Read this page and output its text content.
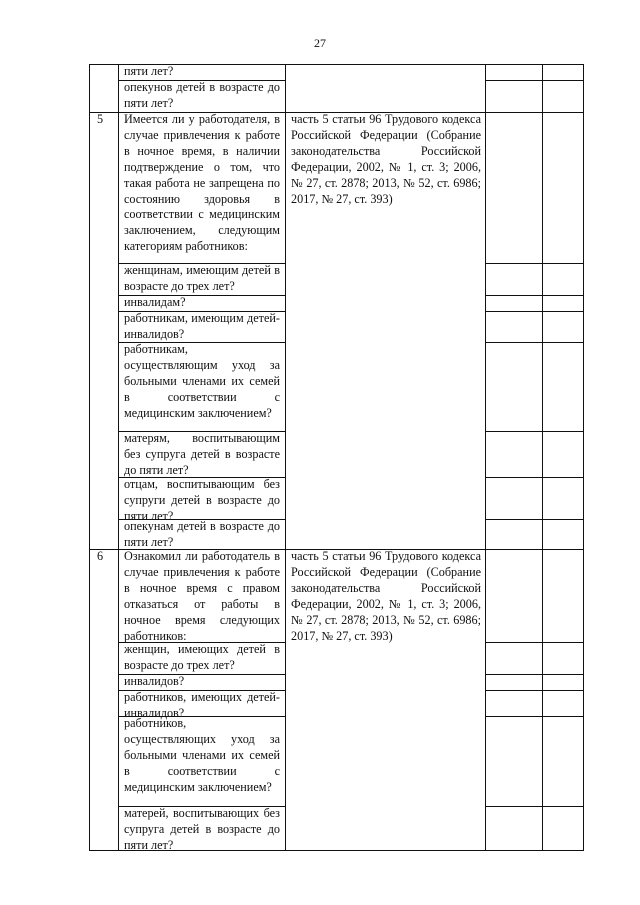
27
пяти лет?
опекунов детей в возрасте до пяти лет?
5 Имеется ли у работодателя, в случае привлечения к работе в ночное время, в наличии подтверждение о том, что такая работа не запрещена по состоянию здоровья в соответствии с медицинским заключением, следующим категориям работников:
часть 5 статьи 96 Трудового кодекса Российской Федерации (Собрание законодательства Российской Федерации, 2002, № 1, ст. 3; 2006, № 27, ст. 2878; 2013, № 52, ст. 6986; 2017, № 27, ст. 393)
женщинам, имеющим детей в возрасте до трех лет?
инвалидам?
работникам, имеющим детей-инвалидов?
работникам, осуществляющим уход за больными членами их семей в соответствии с медицинским заключением?
матерям, воспитывающим без супруга детей в возрасте до пяти лет?
отцам, воспитывающим без супруги детей в возрасте до пяти лет?
опекунам детей в возрасте до пяти лет?
6 Ознакомил ли работодатель в случае привлечения к работе в ночное время с правом отказаться от работы в ночное время следующих работников:
часть 5 статьи 96 Трудового кодекса Российской Федерации (Собрание законодательства Российской Федерации, 2002, № 1, ст. 3; 2006, № 27, ст. 2878; 2013, № 52, ст. 6986; 2017, № 27, ст. 393)
женщин, имеющих детей в возрасте до трех лет?
инвалидов?
работников, имеющих детей-инвалидов?
работников, осуществляющих уход за больными членами их семей в соответствии с медицинским заключением?
матерей, воспитывающих без супруга детей в возрасте до пяти лет?
